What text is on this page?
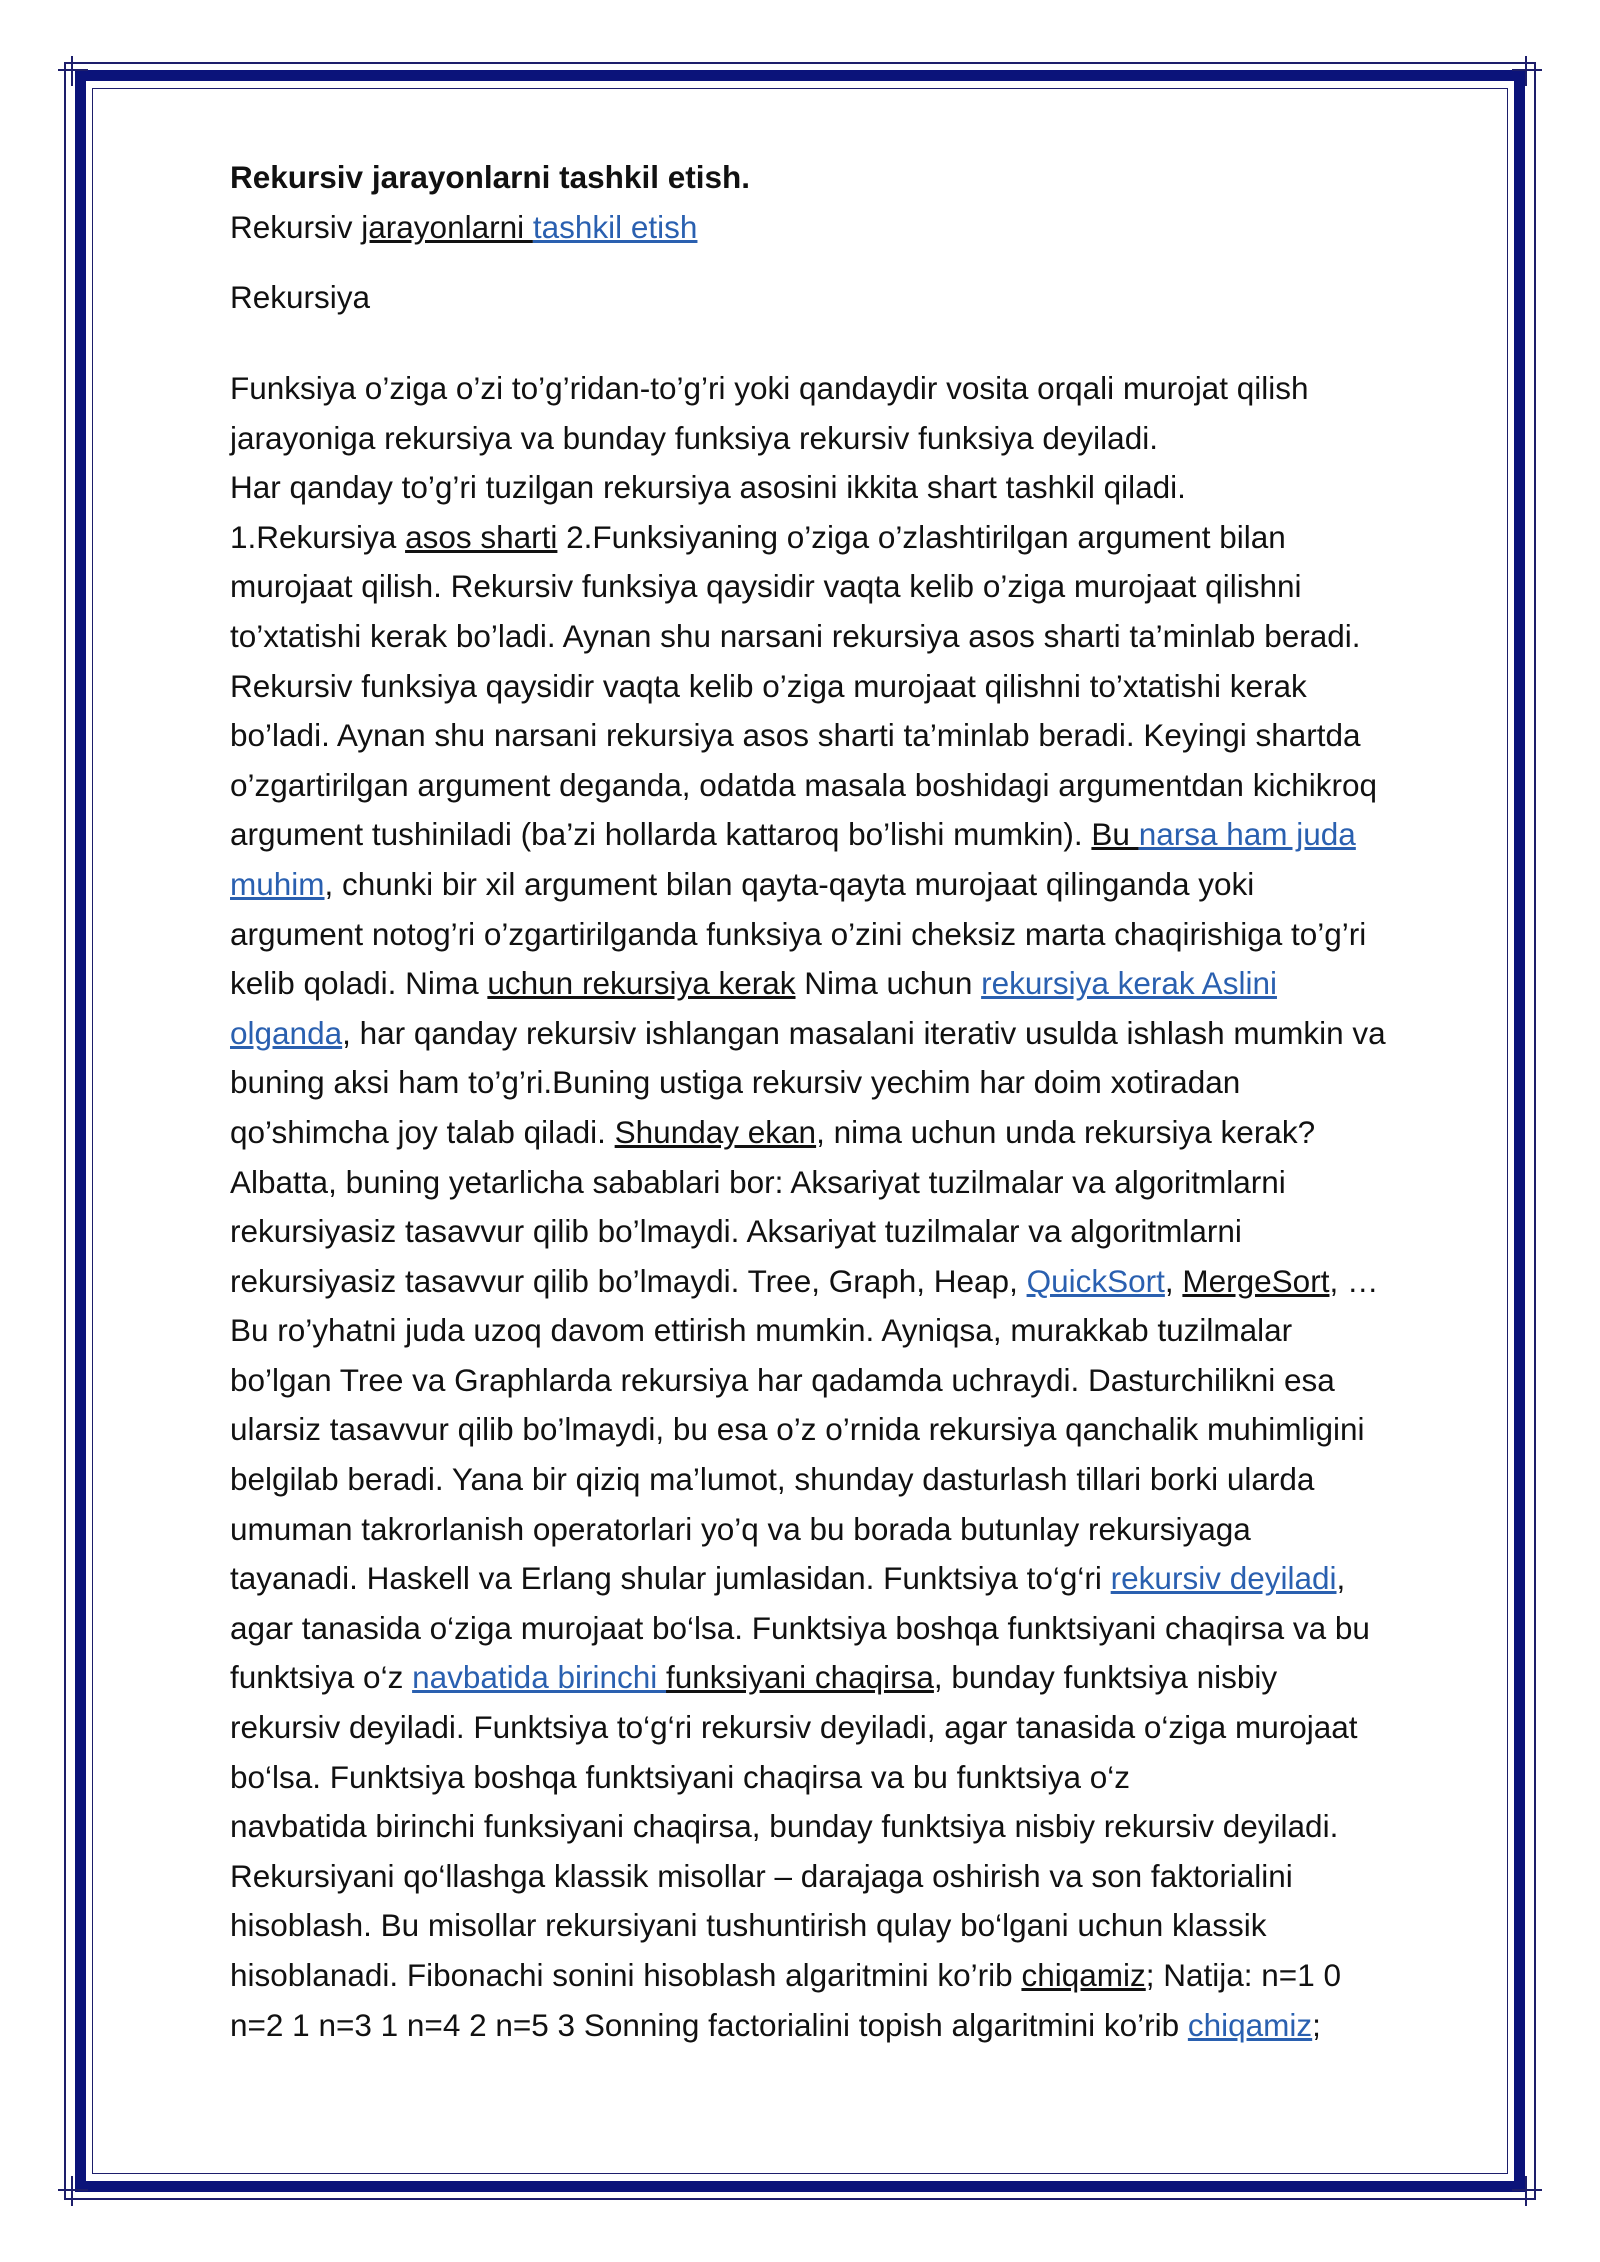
Rekursiv jarayonlarni tashkil etish.

Rekursiv jarayonlarni tashkil etish

Rekursiya

Funksiya o’ziga o’zi to’g’ridan-to’g’ri yoki qandaydir vosita orqali murojat qilish
jarayoniga rekursiya va bunday funksiya rekursiv funksiya deyiladi.
Har qanday to’g’ri tuzilgan rekursiya asosini ikkita shart tashkil qiladi.
1.Rekursiya asos sharti 2.Funksiyaning o’ziga o’zlashtirilgan argument bilan
murojaat qilish. Rekursiv funksiya qaysidir vaqta kelib o’ziga murojaat qilishni
to’xtatishi kerak bo’ladi. Aynan shu narsani rekursiya asos sharti ta’minlab beradi.
Rekursiv funksiya qaysidir vaqta kelib o’ziga murojaat qilishni to’xtatishi kerak
bo’ladi. Aynan shu narsani rekursiya asos sharti ta’minlab beradi. Keyingi shartda
o’zgartirilgan argument deganda, odatda masala boshidagi argumentdan kichikroq
argument tushiniladi (ba’zi hollarda kattaroq bo’lishi mumkin). Bu narsa ham juda
muhim, chunki bir xil argument bilan qayta-qayta murojaat qilinganda yoki
argument notog’ri o’zgartirilganda funksiya o’zini cheksiz marta chaqirishiga to’g’ri
kelib qoladi. Nima uchun rekursiya kerak Nima uchun rekursiya kerak Aslini
olganda, har qanday rekursiv ishlangan masalani iterativ usulda ishlash mumkin va
buning aksi ham to’g’ri.Buning ustiga rekursiv yechim har doim xotiradan
qo’shimcha joy talab qiladi. Shunday ekan, nima uchun unda rekursiya kerak?
Albatta, buning yetarlicha sabablari bor: Aksariyat tuzilmalar va algoritmlarni
rekursiyasiz tasavvur qilib bo’lmaydi. Aksariyat tuzilmalar va algoritmlarni
rekursiyasiz tasavvur qilib bo’lmaydi. Tree, Graph, Heap, QuickSort, MergeSort, …
Bu ro’yhatni juda uzoq davom ettirish mumkin. Ayniqsa, murakkab tuzilmalar
bo’lgan Tree va Graphlarda rekursiya har qadamda uchraydi. Dasturchilikni esa
ularsiz tasavvur qilib bo’lmaydi, bu esa o’z o’rnida rekursiya qanchalik muhimligini
belgilab beradi. Yana bir qiziq ma’lumot, shunday dasturlash tillari borki ularda
umuman takrorlanish operatorlari yo’q va bu borada butunlay rekursiyaga
tayanadi. Haskell va Erlang shular jumlasidan. Funktsiya to‘g‘ri rekursiv deyiladi,
agar tanasida o‘ziga murojaat bo‘lsa. Funktsiya boshqa funktsiyani chaqirsa va bu
funktsiya o‘z navbatida birinchi funksiyani chaqirsa, bunday funktsiya nisbiy
rekursiv deyiladi. Funktsiya to‘g‘ri rekursiv deyiladi, agar tanasida o‘ziga murojaat
bo‘lsa. Funktsiya boshqa funktsiyani chaqirsa va bu funktsiya o‘z
navbatida birinchi funksiyani chaqirsa, bunday funktsiya nisbiy rekursiv deyiladi.
Rekursiyani qo‘llashga klassik misollar – darajaga oshirish va son faktorialini
hisoblash. Bu misollar rekursiyani tushuntirish qulay bo‘lgani uchun klassik
hisoblanadi. Fibonachi sonini hisoblash algaritmini ko’rib chiqamiz; Natija: n=1 0
n=2 1 n=3 1 n=4 2 n=5 3 Sonning factorialini topish algaritmini ko’rib chiqamiz;
